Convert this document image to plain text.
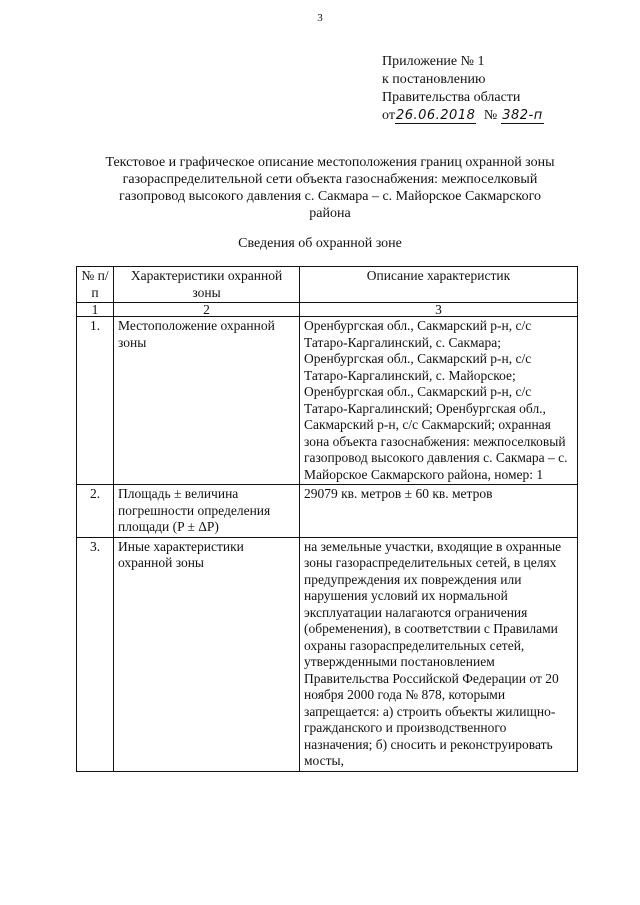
3
Приложение № 1
к постановлению
Правительства области
от26.06.2018 № 382-п
Текстовое и графическое описание местоположения границ охранной зоны газораспределительной сети объекта газоснабжения: межпоселковый газопровод высокого давления с. Сакмара – с. Майорское Сакмарского района
Сведения об охранной зоне
№ п/п	Характеристики охранной зоны	Описание характеристик
1	2	3
1.	Местоположение охранной зоны	Оренбургская обл., Сакмарский р-н, с/с Татаро-Каргалинский, с. Сакмара; Оренбургская обл., Сакмарский р-н, с/с Татаро-Каргалинский, с. Майорское; Оренбургская обл., Сакмарский р-н, с/с Татаро-Каргалинский; Оренбургская обл., Сакмарский р-н, с/с Сакмарский; охранная зона объекта газоснабжения: межпоселковый газопровод высокого давления с. Сакмара – с. Майорское Сакмарского района, номер: 1
2.	Площадь ± величина погрешности определения площади (P ± ΔP)	29079 кв. метров ± 60 кв. метров
3.	Иные характеристики охранной зоны	на земельные участки, входящие в охранные зоны газораспределительных сетей, в целях предупреждения их повреждения или нарушения условий их нормальной эксплуатации налагаются ограничения (обременения), в соответствии с Правилами охраны газораспределительных сетей, утвержденными постановлением Правительства Российской Федерации от 20 ноября 2000 года № 878, которыми запрещается: а) строить объекты жилищно-гражданского и производственного назначения; б) сносить и реконструировать мосты,
